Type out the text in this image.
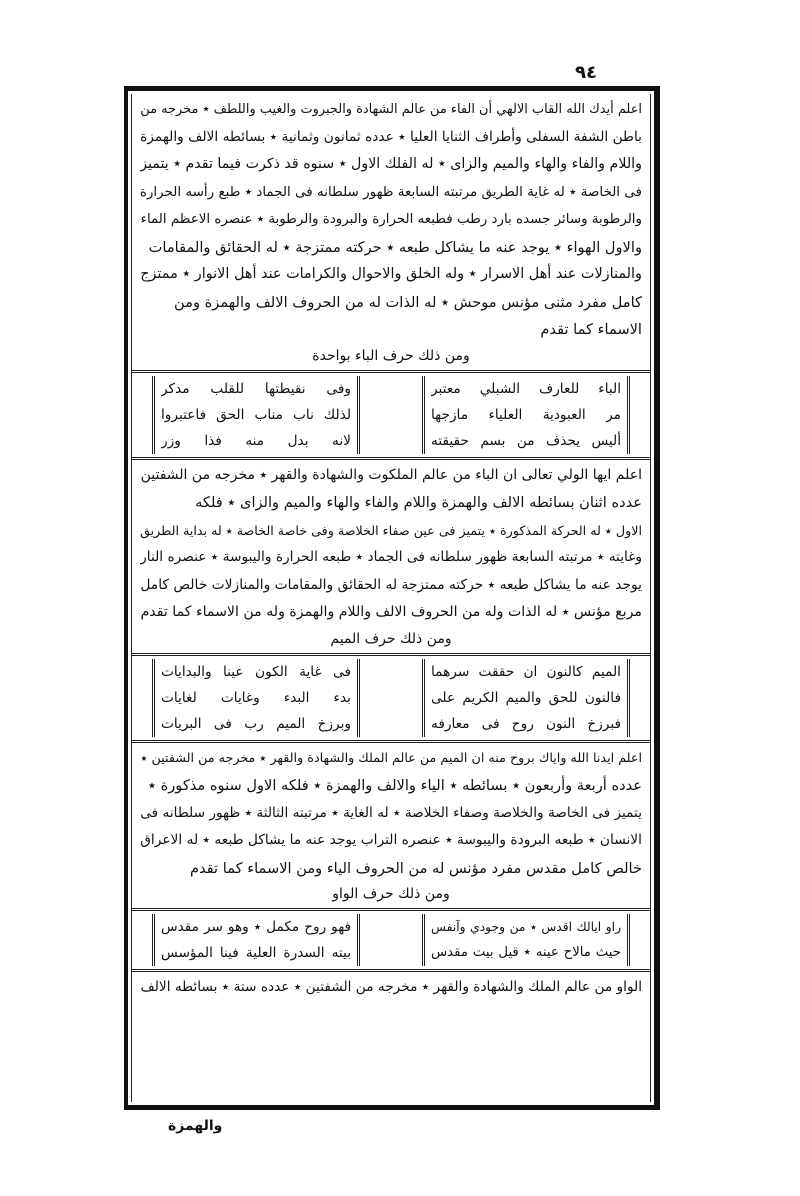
٩٤
اعلم أيدك الله القاب الالهي أن الفاء من عالم الشهادة والجبروت والغيب واللطف ٭ مخرجه من
باطن الشفة السفلى وأطراف الثنايا العليا ٭ عدده ثمانون وثمانية ٭ بسائطه الالف والهمزة
واللام والفاء والهاء والميم والزاى ٭ له الفلك الاول ٭ سنوه قد ذكرت فيما تقدم ٭ يتميز
فى الخاصة ٭ له غاية الطريق مرتبته السابعة ظهور سلطانه فى الجماد ٭ طبع رأسه الحرارة
والرطوبة وسائر جسده بارد رطب فطبعه الحرارة والبرودة والرطوبة ٭ عنصره الاعظم الماء
والاول الهواء ٭ يوجد عنه ما يشاكل طبعه ٭ حركته ممتزجة ٭ له الحقائق والمقامات
والمنازلات عند أهل الاسرار ٭ وله الخلق والاحوال والكرامات عند أهل الانوار ٭ ممتزج
كامل مفرد مثنى مؤنس موحش ٭ له الذات له من الحروف الالف والهمزة ومن
الاسماء كما تقدم
ومن ذلك حرف الباء بواحدة
الباء للعارف الشبلي معتبر
مر العبودية العلياء مازجها
أليس يحذف من بسم حقيقته
وفى نقيطتها للقلب مدكر
لذلك ناب مناب الحق فاعتبروا
لانه بدل منه فذا وزر
اعلم ايها الولي تعالى ان الباء من عالم الملكوت والشهادة والقهر ٭ مخرجه من الشفتين
عدده اثنان بسائطه الالف والهمزة واللام والفاء والهاء والميم والزاى ٭ فلكه
الاول ٭ له الحركة المذكورة ٭ يتميز فى عين صفاء الخلاصة وفى خاصة الخاصة ٭ له بداية الطريق
وغايته ٭ مرتبته السابعة ظهور سلطانه فى الجماد ٭ طبعه الحرارة واليبوسة ٭ عنصره النار
يوجد عنه ما يشاكل طبعه ٭ حركته ممتزجة له الحقائق والمقامات والمنازلات خالص كامل
مربع مؤنس ٭ له الذات وله من الحروف الالف واللام والهمزة وله من الاسماء كما تقدم
ومن ذلك حرف الميم
الميم كالنون ان حققت سرهما
فالنون للحق والميم الكريم على
فبرزخ النون روح فى معارفه
فى غاية الكون عينا والبدايات
بدء البدء وغايات لغايات
وبرزخ الميم رب فى البريات
اعلم ايدنا الله واياك بروح منه ان الميم من عالم الملك والشهادة والقهر ٭ مخرجه من الشفتين ٭
عدده أربعة وأربعون ٭ بسائطه ٭ الياء والالف والهمزة ٭ فلكه الاول سنوه مذكورة ٭
يتميز فى الخاصة والخلاصة وصفاء الخلاصة ٭ له الغاية ٭ مرتبته الثالثة ٭ ظهور سلطانه فى
الانسان ٭ طبعه البرودة واليبوسة ٭ عنصره التراب يوجد عنه ما يشاكل طبعه ٭ له الاعراق
خالص كامل مقدس مفرد مؤنس له من الحروف الياء ومن الاسماء كما تقدم
ومن ذلك حرف الواو
راو ايالك اقدس ٭ من وجودي وآنفس
حيث مالاح عينه ٭ قيل بيت مقدس
فهو روح مكمل ٭ وهو سر مقدس
بيته السدرة العلية فينا المؤسس
الواو من عالم الملك والشهادة والقهر ٭ مخرجه من الشفتين ٭ عدده ستة ٭ بسائطه الالف
والهمزة
